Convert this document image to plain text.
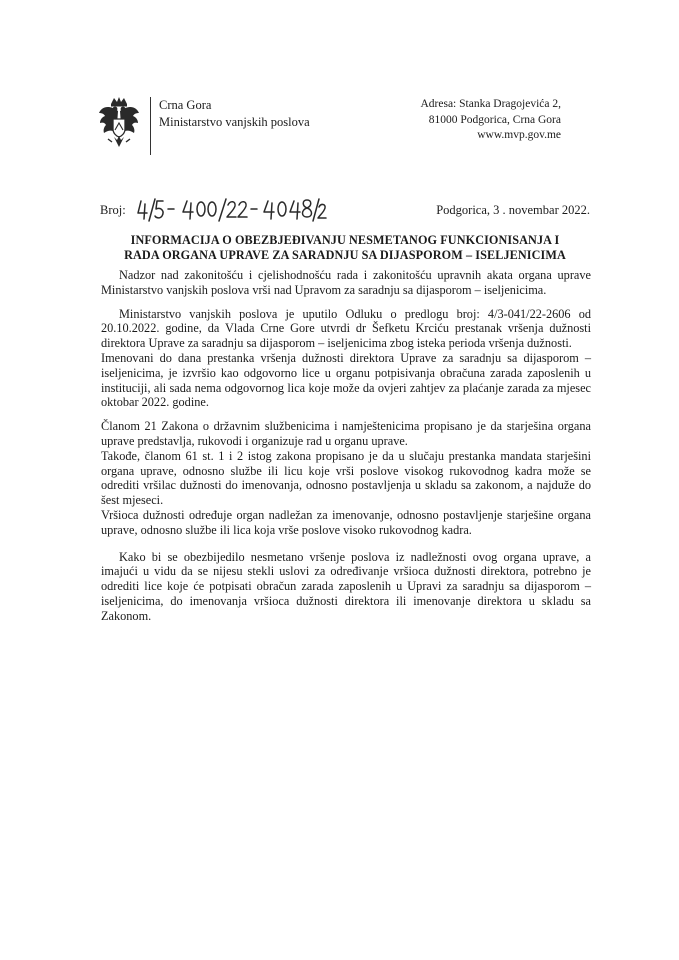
Crna Gora
Ministarstvo vanjskih poslova
Adresa: Stanka Dragojevića 2,
81000 Podgorica, Crna Gora
www.mvp.gov.me
Broj:
4/5- 400/22- 4048/2
Podgorica, 3 . novembar 2022.
INFORMACIJA O OBEZBJEĐIVANJU NESMETANOG FUNKCIONISANJA I
RADA ORGANA UPRAVE ZA SARADNJU SA DIJASPOROM – ISELJENICIMA

Nadzor nad zakonitošću i cjelishodnošću rada i zakonitošću upravnih akata organa uprave Ministarstvo vanjskih poslova vrši nad Upravom za saradnju sa dijasporom – iseljenicima.

Ministarstvo vanjskih poslova je uputilo Odluku o predlogu broj: 4/3-041/22-2606 od 20.10.2022. godine, da Vlada Crne Gore utvrdi dr Šefketu Krciću prestanak vršenja dužnosti direktora Uprave za saradnju sa dijasporom – iseljenicima zbog isteka perioda vršenja dužnosti.

Imenovani do dana prestanka vršenja dužnosti direktora Uprave za saradnju sa dijasporom – iseljenicima, je izvršio kao odgovorno lice u organu potpisivanja obračuna zarada zaposlenih u instituciji, ali sada nema odgovornog lica koje može da ovjeri zahtjev za plaćanje zarada za mjesec oktobar 2022. godine.

Članom 21 Zakona o državnim službenicima i namještenicima propisano je da starješina organa uprave predstavlja, rukovodi i organizuje rad u organu uprave.

Takođe, članom 61 st. 1 i 2 istog zakona propisano je da u slučaju prestanka mandata starješini organa uprave, odnosno službe ili licu koje vrši poslove visokog rukovodnog kadra može se odrediti vršilac dužnosti do imenovanja, odnosno postavljenja u skladu sa zakonom, a najduže do šest mjeseci.

Vršioca dužnosti određuje organ nadležan za imenovanje, odnosno postavljenje starješine organa uprave, odnosno službe ili lica koja vrše poslove visoko rukovodnog kadra.

Kako bi se obezbijedilo nesmetano vršenje poslova iz nadležnosti ovog organa uprave, a imajući u vidu da se nijesu stekli uslovi za određivanje vršioca dužnosti direktora, potrebno je odrediti lice koje će potpisati obračun zarada zaposlenih u Upravi za saradnju sa dijasporom – iseljenicima, do imenovanja vršioca dužnosti direktora ili imenovanje direktora u skladu sa Zakonom.
